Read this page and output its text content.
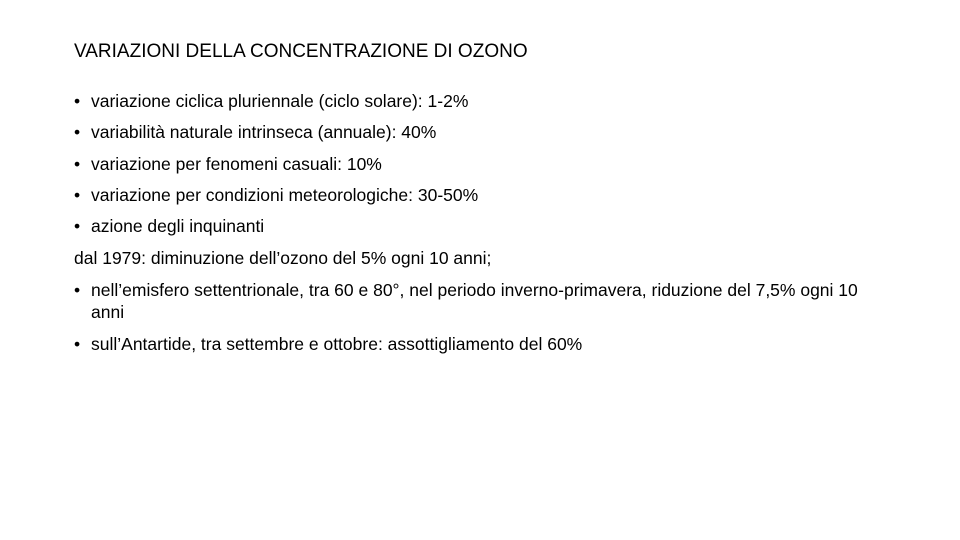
VARIAZIONI DELLA CONCENTRAZIONE DI OZONO
• variazione ciclica pluriennale (ciclo solare): 1-2%
• variabilità naturale intrinseca (annuale): 40%
• variazione per fenomeni casuali: 10%
• variazione per condizioni meteorologiche: 30-50%
• azione degli inquinanti
dal 1979: diminuzione dell’ozono del 5% ogni 10 anni;
• nell’emisfero settentrionale, tra 60 e 80°, nel periodo inverno-primavera, riduzione del 7,5% ogni 10 anni
• sull’Antartide, tra settembre e ottobre: assottigliamento del 60%
